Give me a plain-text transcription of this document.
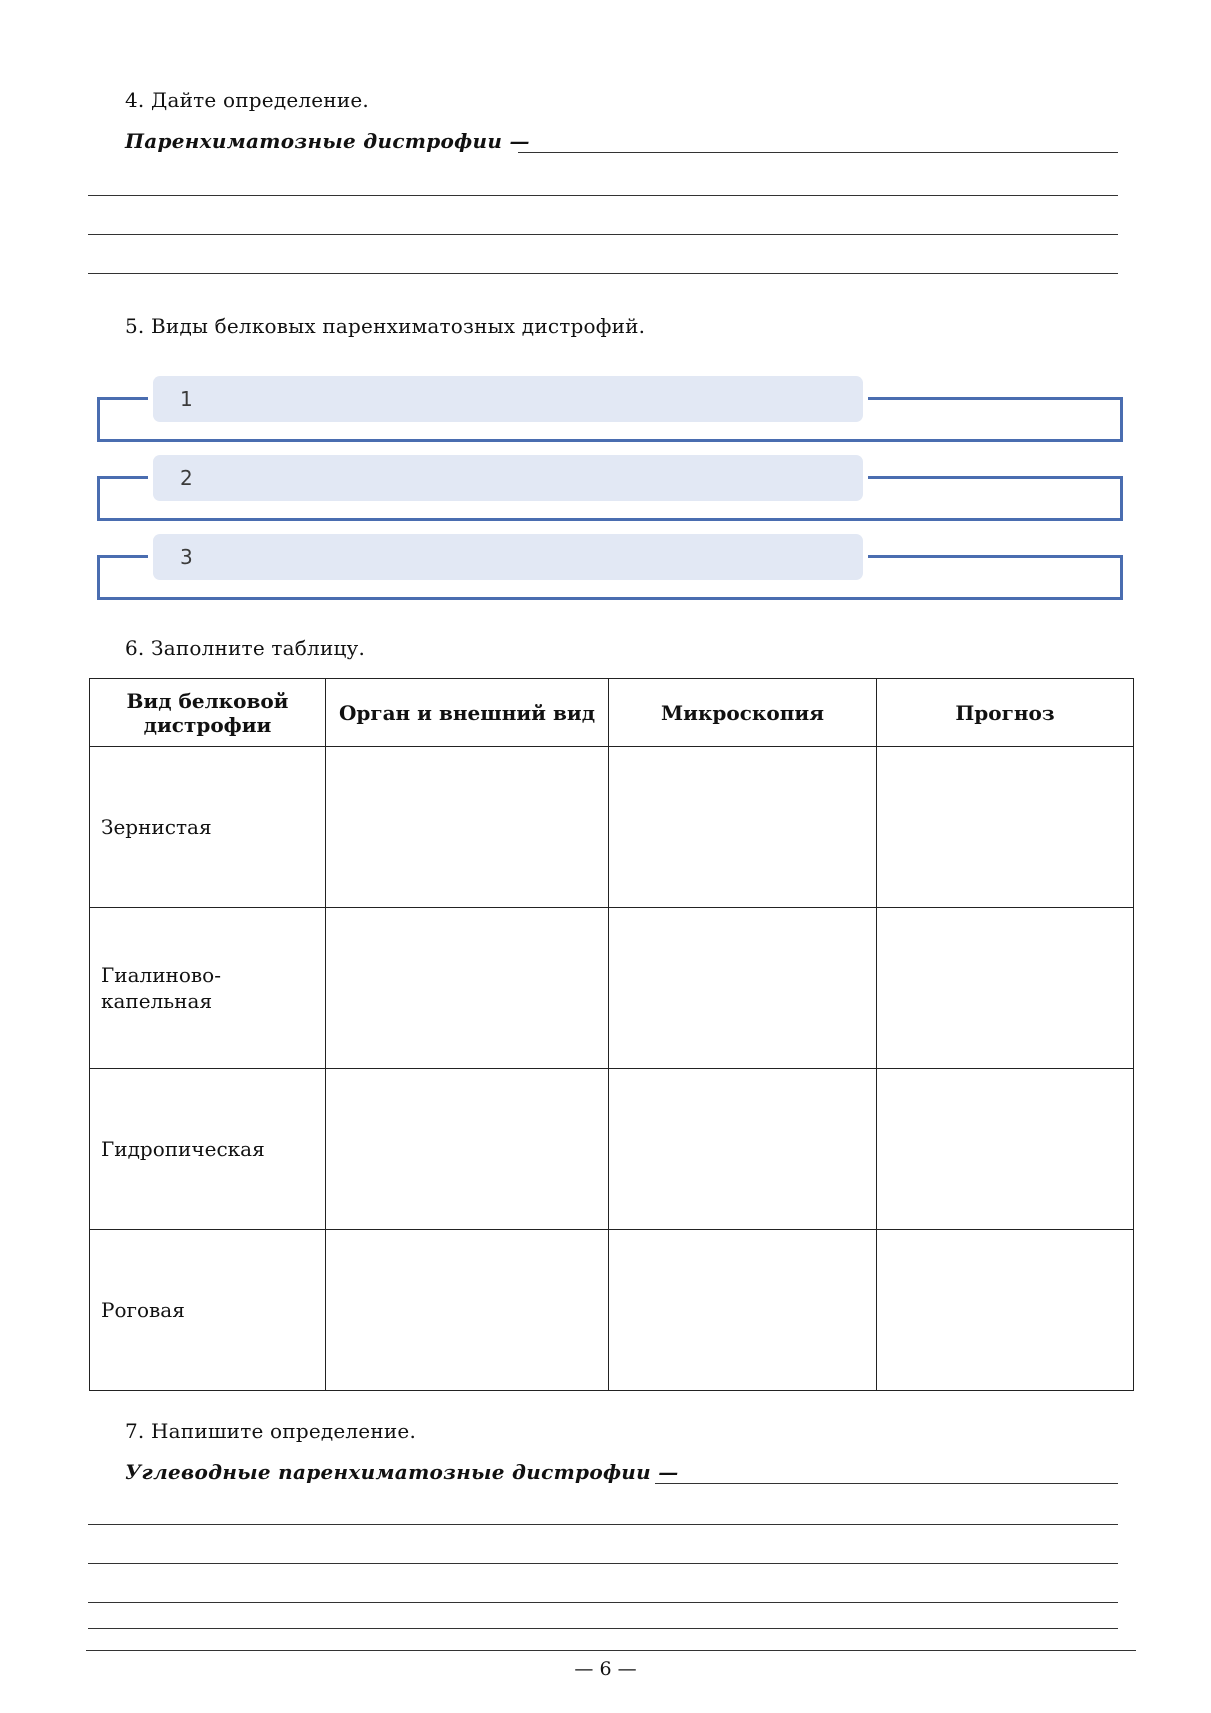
4. Дайте определение.
Паренхиматозные дистрофии —
5. Виды белковых паренхиматозных дистрофий.
1
2
3
6. Заполните таблицу.
Вид белковой
дистрофии	Орган и внешний вид	Микроскопия	Прогноз
Зернистая			
Гиалиново-
капельная			
Гидропическая			
Роговая			
7. Напишите определение.
Углеводные паренхиматозные дистрофии —
— 6 —
